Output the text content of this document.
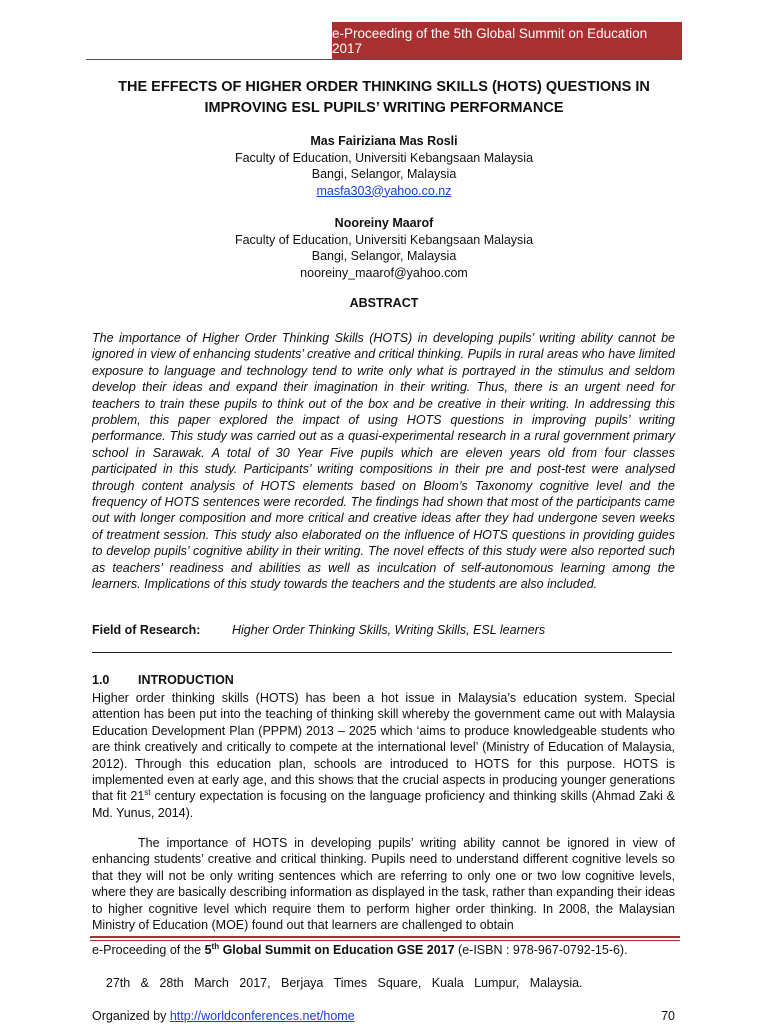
e-Proceeding of the 5th Global Summit on Education 2017
THE EFFECTS OF HIGHER ORDER THINKING SKILLS (HOTS) QUESTIONS IN
IMPROVING ESL PUPILS’ WRITING PERFORMANCE
Mas Fairiziana Mas Rosli
Faculty of Education, Universiti Kebangsaan Malaysia
Bangi, Selangor, Malaysia
masfa303@yahoo.co.nz
Nooreiny Maarof
Faculty of Education, Universiti Kebangsaan Malaysia
Bangi, Selangor, Malaysia
nooreiny_maarof@yahoo.com
ABSTRACT

The importance of Higher Order Thinking Skills (HOTS) in developing pupils’ writing ability cannot be ignored in view of enhancing students’ creative and critical thinking. Pupils in rural areas who have limited exposure to language and technology tend to write only what is portrayed in the stimulus and seldom develop their ideas and expand their imagination in their writing. Thus, there is an urgent need for teachers to train these pupils to think out of the box and be creative in their writing. In addressing this problem, this paper explored the impact of using HOTS questions in improving pupils’ writing performance. This study was carried out as a quasi-experimental research in a rural government primary school in Sarawak. A total of 30 Year Five pupils which are eleven years old from four classes participated in this study. Participants’ writing compositions in their pre and post-test were analysed through content analysis of HOTS elements based on Bloom’s Taxonomy cognitive level and the frequency of HOTS sentences were recorded. The findings had shown that most of the participants came out with longer composition and more critical and creative ideas after they had undergone seven weeks of treatment session. This study also elaborated on the influence of HOTS questions in providing guides to develop pupils’ cognitive ability in their writing. The novel effects of this study were also reported such as teachers’ readiness and abilities as well as inculcation of self-autonomous learning among the learners. Implications of this study towards the teachers and the students are also included.

Field of Research:	Higher Order Thinking Skills, Writing Skills, ESL learners
1.0 INTRODUCTION

Higher order thinking skills (HOTS) has been a hot issue in Malaysia’s education system. Special attention has been put into the teaching of thinking skill whereby the government came out with Malaysia Education Development Plan (PPPM) 2013 – 2025 which ‘aims to produce knowledgeable students who are think creatively and critically to compete at the international level’ (Ministry of Education of Malaysia, 2012). Through this education plan, schools are introduced to HOTS for this purpose. HOTS is implemented even at early age, and this shows that the crucial aspects in producing younger generations that fit 21st century expectation is focusing on the language proficiency and thinking skills (Ahmad Zaki & Md. Yunus, 2014).

The importance of HOTS in developing pupils’ writing ability cannot be ignored in view of enhancing students’ creative and critical thinking. Pupils need to understand different cognitive levels so that they will not be only writing sentences which are referring to only one or two low cognitive levels, where they are basically describing information as displayed in the task, rather than expanding their ideas to higher cognitive level which require them to perform higher order thinking. In 2008, the Malaysian Ministry of Education (MOE) found out that learners are challenged to obtain

e-Proceeding of the 5th Global Summit on Education GSE 2017 (e-ISBN : 978-967-0792-15-6).

27th   &   28th   March   2017,   Berjaya   Times   Square,   Kuala   Lumpur,   Malaysia.

Organized by http://worldconferences.net/home	70
